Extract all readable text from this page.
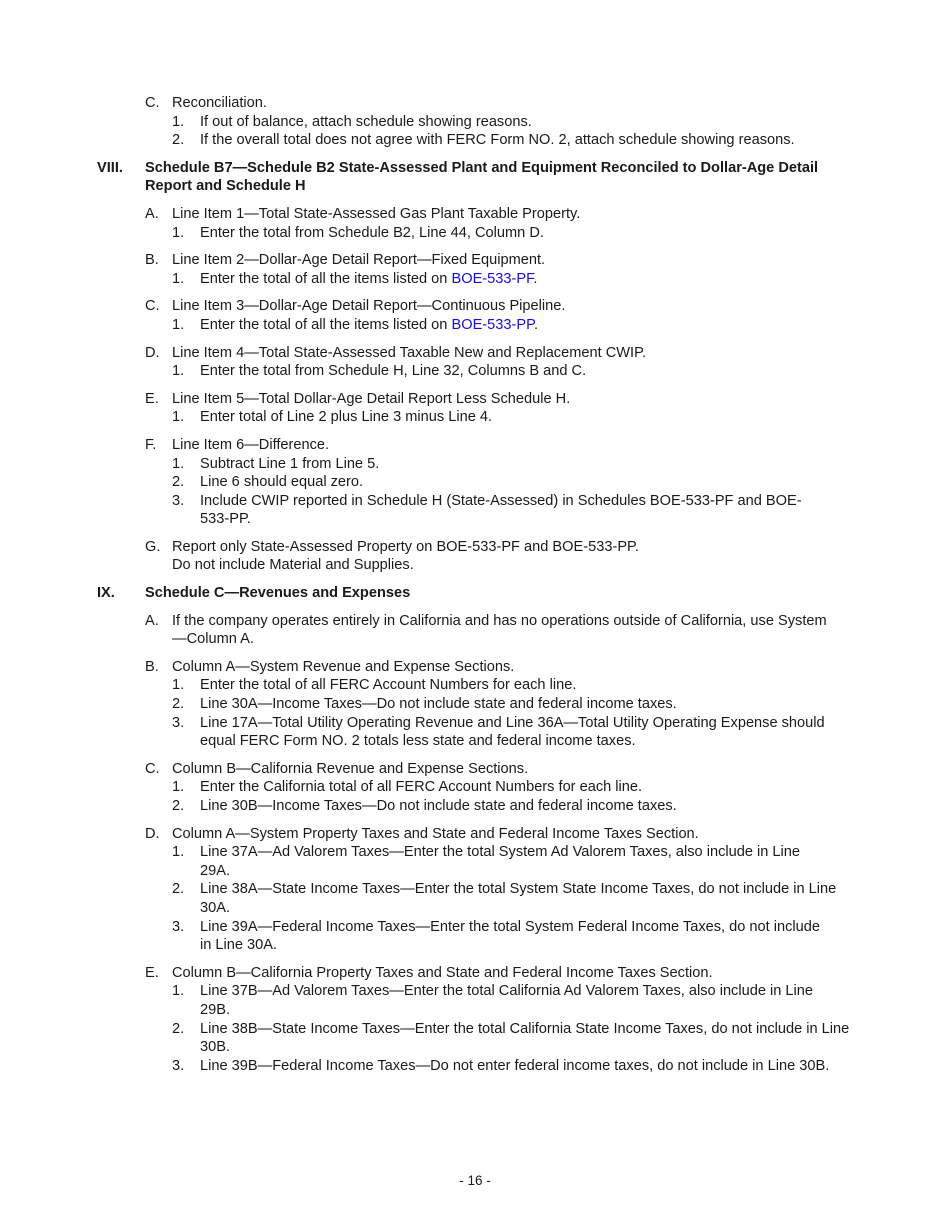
C. Reconciliation.
1. If out of balance, attach schedule showing reasons.
2. If the overall total does not agree with FERC Form NO. 2, attach schedule showing reasons.
VIII. Schedule B7—Schedule B2 State-Assessed Plant and Equipment Reconciled to Dollar-Age Detail Report and Schedule H
A. Line Item 1—Total State-Assessed Gas Plant Taxable Property.
1. Enter the total from Schedule B2, Line 44, Column D.
B. Line Item 2—Dollar-Age Detail Report—Fixed Equipment.
1. Enter the total of all the items listed on BOE-533-PF.
C. Line Item 3—Dollar-Age Detail Report—Continuous Pipeline.
1. Enter the total of all the items listed on BOE-533-PP.
D. Line Item 4—Total State-Assessed Taxable New and Replacement CWIP.
1. Enter the total from Schedule H, Line 32, Columns B and C.
E. Line Item 5—Total Dollar-Age Detail Report Less Schedule H.
1. Enter total of Line 2 plus Line 3 minus Line 4.
F. Line Item 6—Difference.
1. Subtract Line 1 from Line 5.
2. Line 6 should equal zero.
3. Include CWIP reported in Schedule H (State-Assessed) in Schedules BOE-533-PF and BOE-533-PP.
G. Report only State-Assessed Property on BOE-533-PF and BOE-533-PP.
Do not include Material and Supplies.
IX. Schedule C—Revenues and Expenses
A. If the company operates entirely in California and has no operations outside of California, use System—Column A.
B. Column A—System Revenue and Expense Sections.
1. Enter the total of all FERC Account Numbers for each line.
2. Line 30A—Income Taxes—Do not include state and federal income taxes.
3. Line 17A—Total Utility Operating Revenue and Line 36A—Total Utility Operating Expense should equal FERC Form NO. 2 totals less state and federal income taxes.
C. Column B—California Revenue and Expense Sections.
1. Enter the California total of all FERC Account Numbers for each line.
2. Line 30B—Income Taxes—Do not include state and federal income taxes.
D. Column A—System Property Taxes and State and Federal Income Taxes Section.
1. Line 37A—Ad Valorem Taxes—Enter the total System Ad Valorem Taxes, also include in Line 29A.
2. Line 38A—State Income Taxes—Enter the total System State Income Taxes, do not include in Line 30A.
3. Line 39A—Federal Income Taxes—Enter the total System Federal Income Taxes, do not include in Line 30A.
E. Column B—California Property Taxes and State and Federal Income Taxes Section.
1. Line 37B—Ad Valorem Taxes—Enter the total California Ad Valorem Taxes, also include in Line 29B.
2. Line 38B—State Income Taxes—Enter the total California State Income Taxes, do not include in Line 30B.
3. Line 39B—Federal Income Taxes—Do not enter federal income taxes, do not include in Line 30B.
- 16 -
